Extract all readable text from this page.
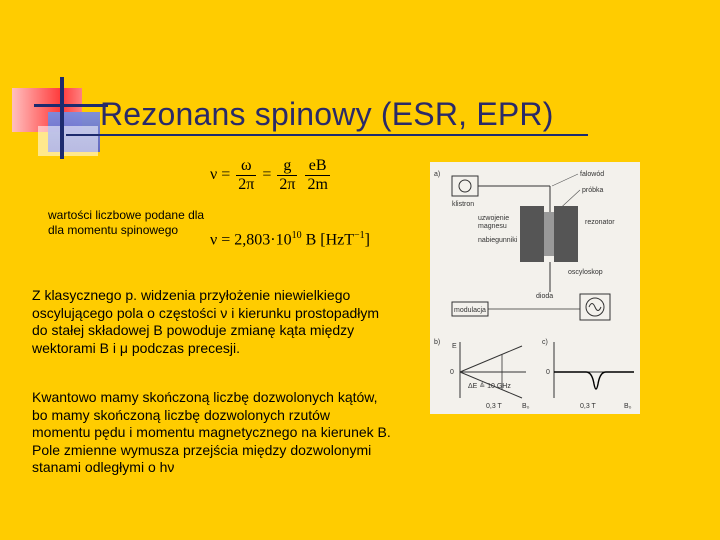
Rezonans spinowy (ESR, EPR)
$\nu = \frac{\omega}{2\pi} = \frac{g}{2\pi}$
$\frac{eB}{2m}$
$\nu = 2,803\cdot 10^{10}$ B [HzT$^{-1}$]
wartości liczbowe podane dla dla momentu spinowego
Z klasycznego p. widzenia przyłożenie niewielkiego oscylującego pola o częstości ν i kierunku prostopadłym do stałej składowej B powoduje zmianę kąta między wektorami B i μ podczas precesji.
Kwantowo mamy skończoną liczbę dozwolonych kątów, bo mamy skończoną liczbę dozwolonych rzutów momentu pędu i momentu magnetycznego na kierunek B. Pole zmienne wymusza przejścia między dozwolonymi stanami odległymi o hν
a)
klistron
falowód
próbka
uzwojenie
magnesu
nabiegunniki
rezonator
oscyloskop
dioda
modulacja
b)
E
0
ΔE ≙ 10 GHz
0,3 T	B₀
c)
0
0,3 T	B₀
